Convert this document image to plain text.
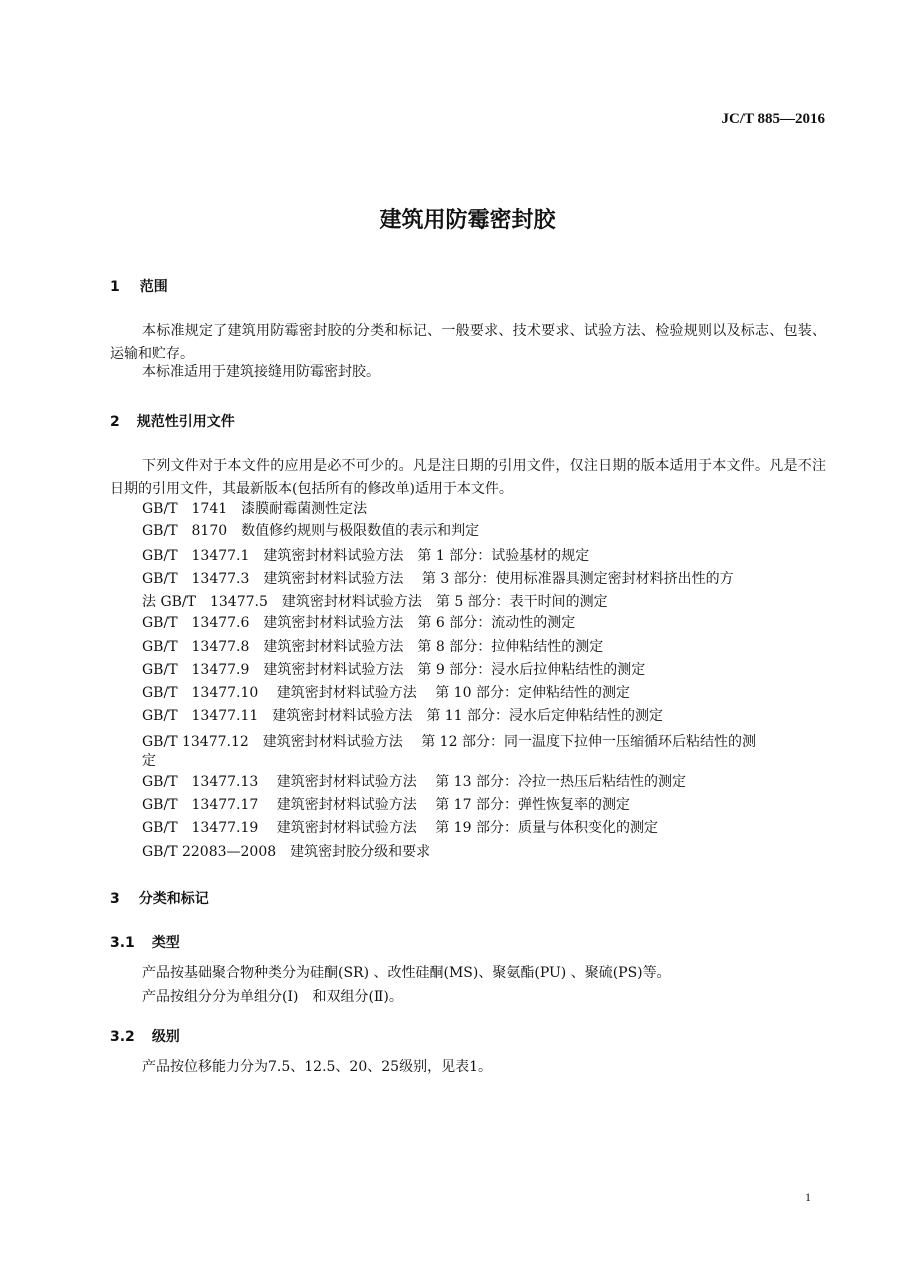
JC/T 885—2016
建筑用防霉密封胶
1 范围
本标准规定了建筑用防霉密封胶的分类和标记、一般要求、技术要求、试验方法、检验规则以及标志、包装、运输和贮存。
本标准适用于建筑接缝用防霉密封胶。
2 规范性引用文件
下列文件对于本文件的应用是必不可少的。凡是注日期的引用文件，仅注日期的版本适用于本文件。凡是不注日期的引用文件，其最新版本(包括所有的修改单)适用于本文件。
GB/T　1741　漆膜耐霉菌测性定法
GB/T　8170　数值修约规则与极限数值的表示和判定
GB/T　13477.1　建筑密封材料试验方法　第 1 部分：试验基材的规定
GB/T　13477.3　建筑密封材料试验方法　 第 3 部分：使用标准器具测定密封材料挤出性的方
法 GB/T　13477.5　建筑密封材料试验方法　第 5 部分：表干时间的测定
GB/T　13477.6　建筑密封材料试验方法　第 6 部分：流动性的测定
GB/T　13477.8　建筑密封材料试验方法　第 8 部分：拉伸粘结性的测定
GB/T　13477.9　建筑密封材料试验方法　第 9 部分：浸水后拉伸粘结性的测定
GB/T　13477.10　 建筑密封材料试验方法　 第 10 部分：定伸粘结性的测定
GB/T　13477.11　建筑密封材料试验方法　第 11 部分：浸水后定伸粘结性的测定
GB/T 13477.12　建筑密封材料试验方法　 第 12 部分：同一温度下拉伸一压缩循环后粘结性的测
定
GB/T　13477.13　 建筑密封材料试验方法　 第 13 部分：冷拉一热压后粘结性的测定
GB/T　13477.17　 建筑密封材料试验方法　 第 17 部分：弹性恢复率的测定
GB/T　13477.19　 建筑密封材料试验方法　 第 19 部分：质量与体积变化的测定
GB/T 22083—2008　建筑密封胶分级和要求
3 分类和标记
3.1 类型
产品按基础聚合物种类分为硅酮(SR) 、改性硅酮(MS)、聚氨酯(PU) 、聚硫(PS)等。
产品按组分分为单组分(I)　和双组分(Ⅱ)。
3.2 级别
产品按位移能力分为7.5、12.5、20、25级别，见表1。
1
